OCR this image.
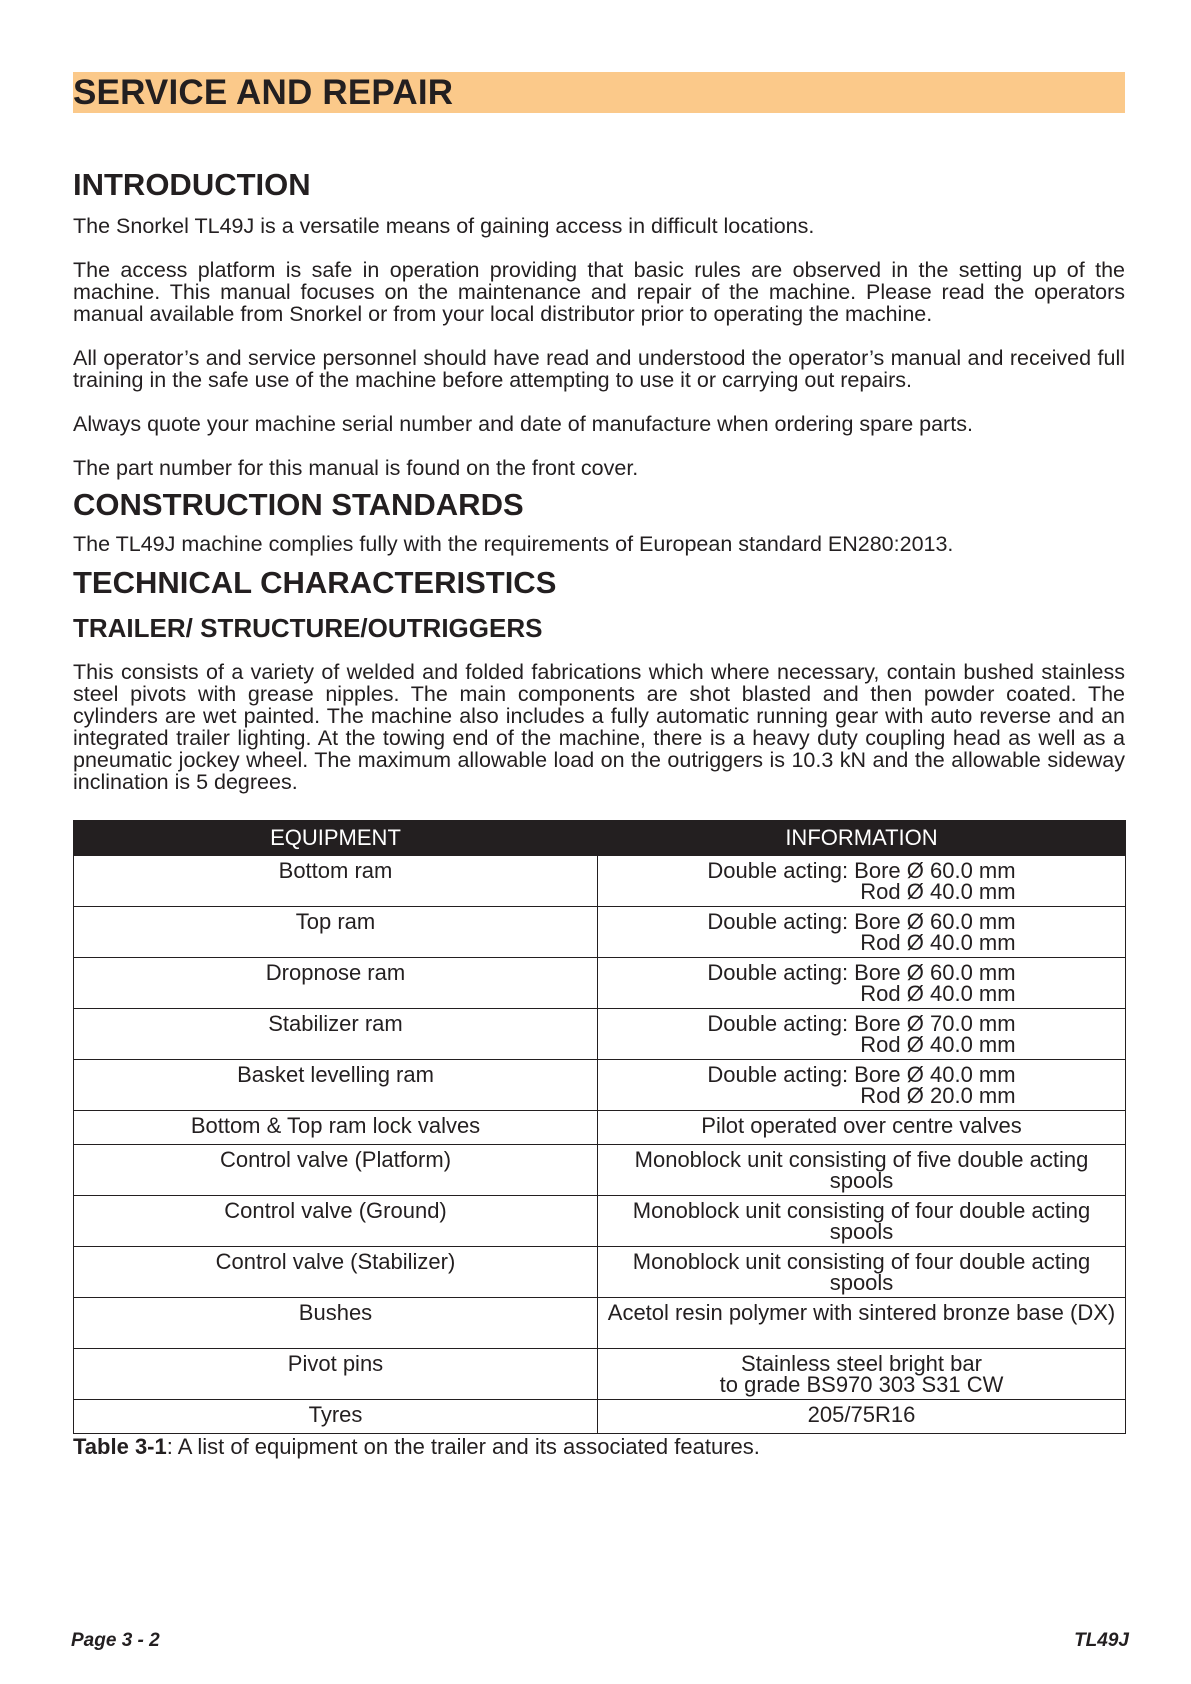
SERVICE AND REPAIR
INTRODUCTION

The Snorkel TL49J is a versatile means of gaining access in difficult locations.

The access platform is safe in operation providing that basic rules are observed in the setting up of the machine. This manual focuses on the maintenance and repair of the machine. Please read the operators manual available from Snorkel or from your local distributor prior to operating the machine.

All operator’s and service personnel should have read and understood the operator’s manual and received full training in the safe use of the machine before attempting to use it or carrying out repairs.

Always quote your machine serial number and date of manufacture when ordering spare parts.

The part number for this manual is found on the front cover.

CONSTRUCTION STANDARDS

The TL49J machine complies fully with the requirements of European standard EN280:2013.

TECHNICAL CHARACTERISTICS
TRAILER/ STRUCTURE/OUTRIGGERS

This consists of a variety of welded and folded fabrications which where necessary, contain bushed stainless steel pivots with grease nipples. The main components are shot blasted and then powder coated. The cylinders are wet painted. The machine also includes a fully automatic running gear with auto reverse and an integrated trailer lighting. At the towing end of the machine, there is a heavy duty coupling head as well as a pneumatic jockey wheel. The maximum allowable load on the outriggers is 10.3 kN and the allowable sideway inclination is 5 degrees.

EQUIPMENT	INFORMATION
Bottom ram	Double acting: Bore Ø 60.0 mm
Rod Ø 40.0 mm

Top ram	Double acting: Bore Ø 60.0 mm
Rod Ø 40.0 mm

Dropnose ram	Double acting: Bore Ø 60.0 mm
Rod Ø 40.0 mm

Stabilizer ram	Double acting: Bore Ø 70.0 mm
Rod Ø 40.0 mm

Basket levelling ram	Double acting: Bore Ø 40.0 mm
Rod Ø 20.0 mm

Bottom & Top ram lock valves	Pilot operated over centre valves
Control valve (Platform)	Monoblock unit consisting of five double acting spools
Control valve (Ground)	Monoblock unit consisting of four double acting spools
Control valve (Stabilizer)	Monoblock unit consisting of four double acting spools
Bushes	Acetol resin polymer with sintered bronze base (DX)
Pivot pins	Stainless steel bright bar
to grade BS970 303 S31 CW

Tyres	205/75R16
Table 3-1: A list of equipment on the trailer and its associated features.
Page 3 - 2	TL49J
